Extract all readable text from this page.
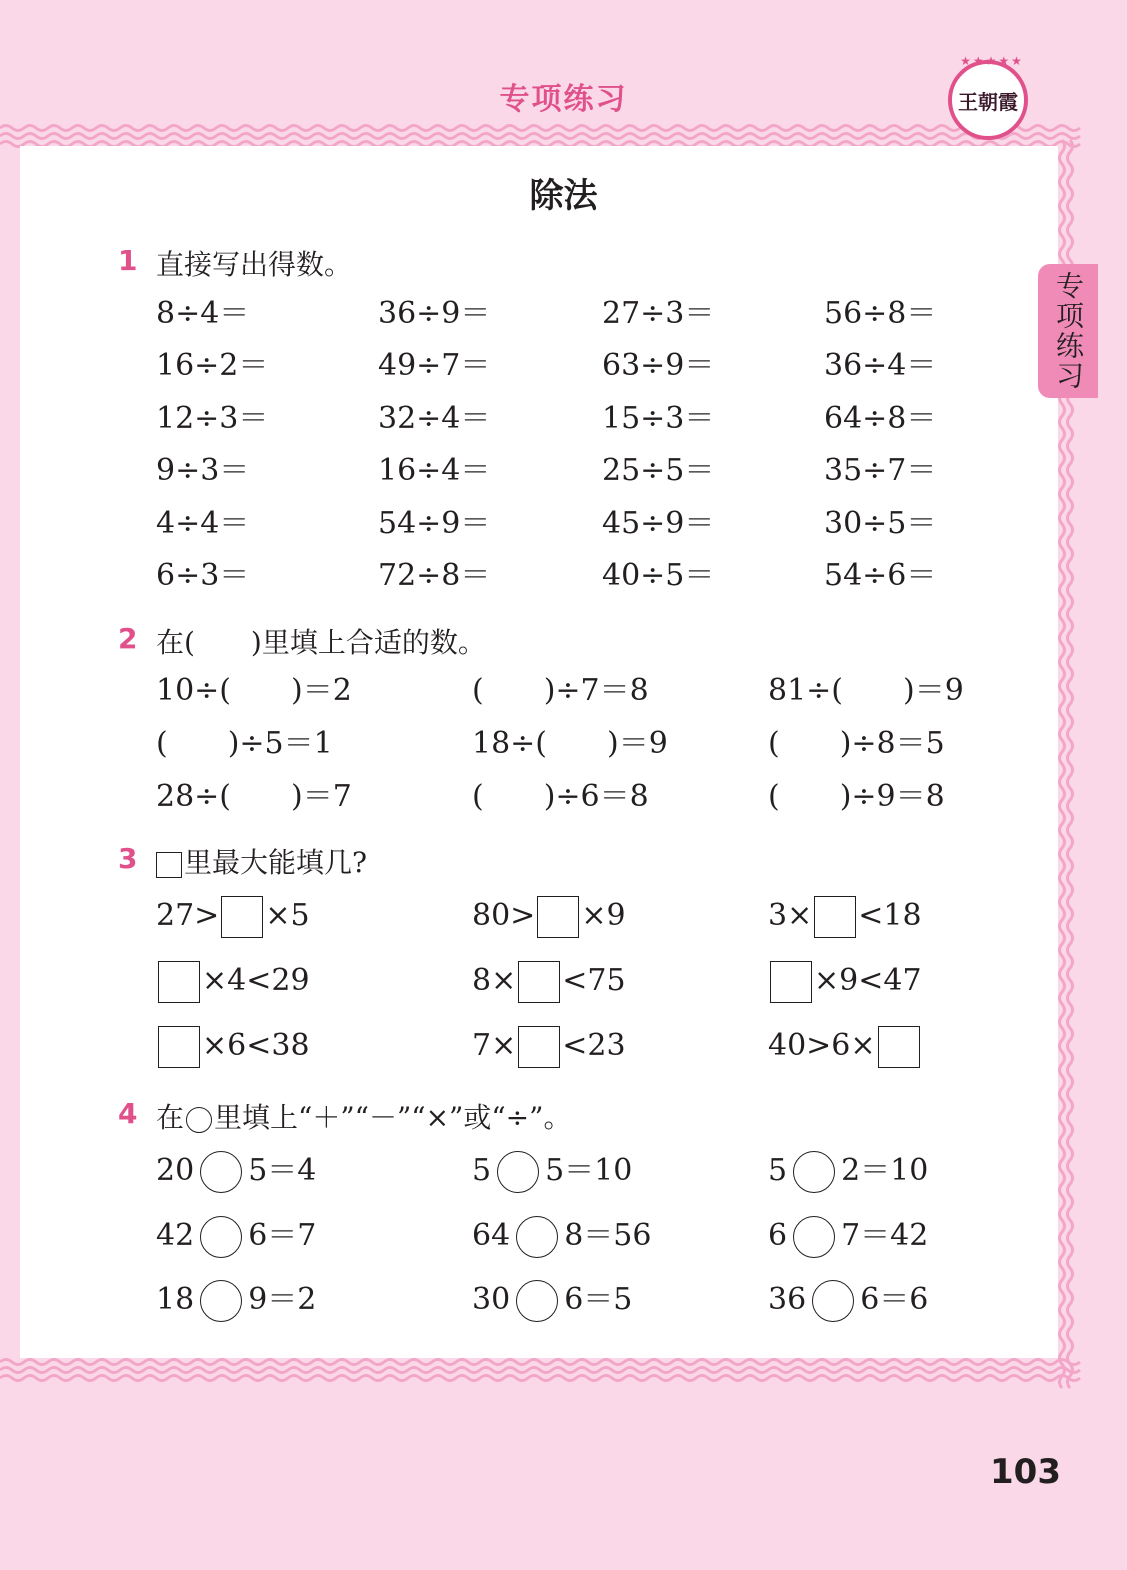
专项练习
★★★★★
王朝霞
专项练习
除法
1 直接写出得数。
8÷4＝	36÷9＝	27÷3＝	56÷8＝
16÷2＝	49÷7＝	63÷9＝	36÷4＝
12÷3＝	32÷4＝	15÷3＝	64÷8＝
9÷3＝	16÷4＝	25÷5＝	35÷7＝
4÷4＝	54÷9＝	45÷9＝	30÷5＝
6÷3＝	72÷8＝	40÷5＝	54÷6＝
2 在(　　)里填上合适的数。
10÷(　　)＝2	(　　)÷7＝8	81÷(　　)＝9
(　　)÷5＝1	18÷(　　)＝9	(　　)÷8＝5
28÷(　　)＝7	(　　)÷6＝8	(　　)÷9＝8
3	里最大能填几?
27> ×5	80> ×9	3× <18
×4<29	8× <75	×9<47
×6<38	7× <23	40>6×
4 在 里填上“＋”“－”“×”或“÷”。
20 5＝4	5 5＝10	5 2＝10
42 6＝7	64 8＝56	6 7＝42
18 9＝2	30 6＝5	36 6＝6
103
